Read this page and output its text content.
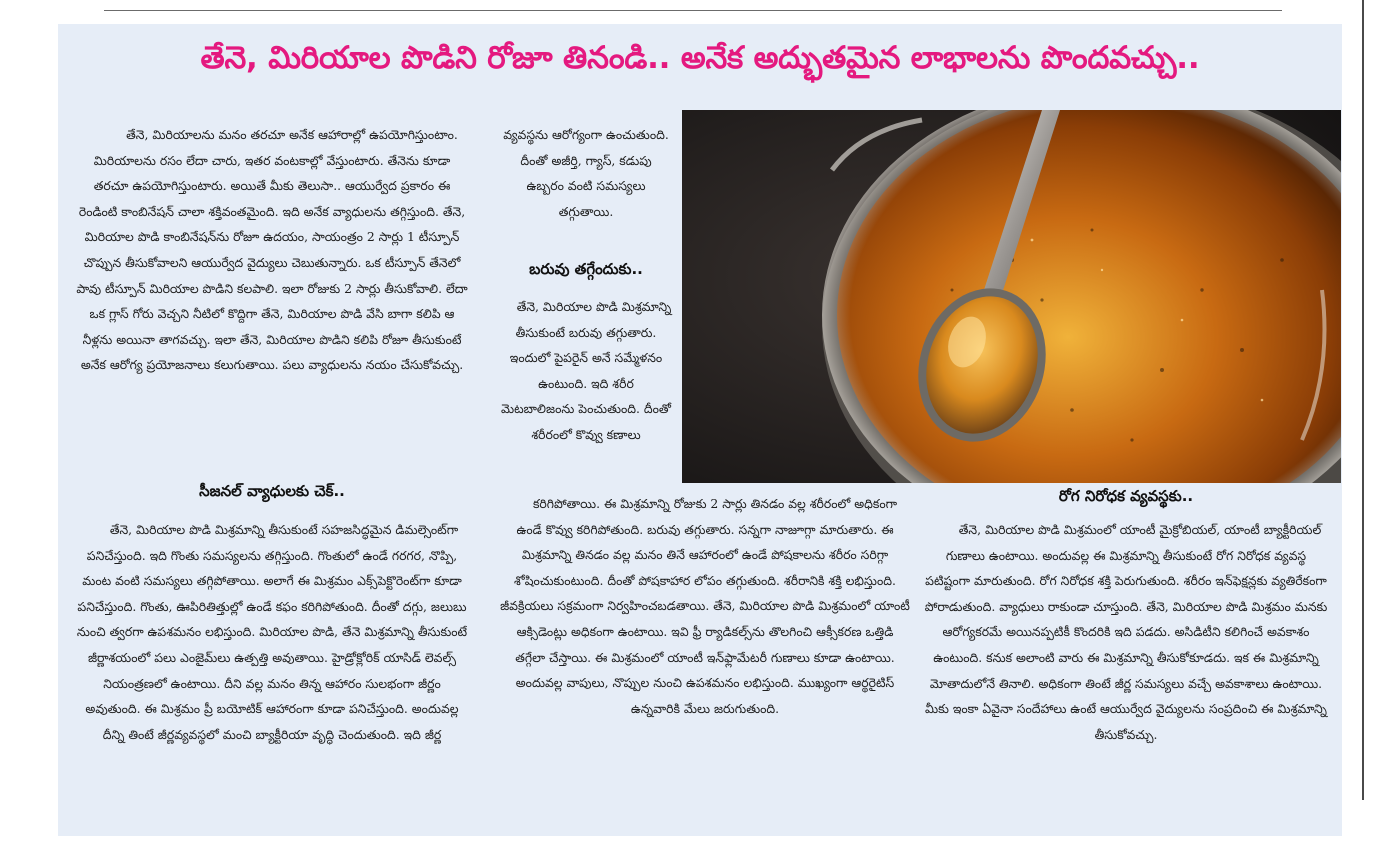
తేనె, మిరియాల పొడిని రోజూ తినండి.. అనేక అద్భుతమైన లాభాలను పొందవచ్చు..

తేనె, మిరియాలను మనం తరచూ అనేక ఆహారాల్లో ఉపయోగిస్తుంటాం. మిరియాలను రసం లేదా చారు, ఇతర వంటకాల్లో వేస్తుంటారు. తేనెను కూడా తరచూ ఉపయోగిస్తుంటారు. అయితే మీకు తెలుసా.. ఆయుర్వేద ప్రకారం ఈ రెండింటి కాంబినేషన్ చాలా శక్తివంతమైంది. ఇది అనేక వ్యాధులను తగ్గిస్తుంది. తేనె, మిరియాల పొడి కాంబినేషన్‌ను రోజూ ఉదయం, సాయంత్రం 2 సార్లు 1 టీస్పూన్ చొప్పున తీసుకోవాలని ఆయుర్వేద వైద్యులు చెబుతున్నారు. ఒక టీస్పూన్ తేనెలో పావు టీస్పూన్ మిరియాల పొడిని కలపాలి. ఇలా రోజుకు 2 సార్లు తీసుకోవాలి. లేదా ఒక గ్లాస్ గోరు వెచ్చని నీటిలో కొద్దిగా తేనె, మిరియాల పొడి వేసి బాగా కలిపి ఆ నీళ్లను అయినా తాగవచ్చు. ఇలా తేనె, మిరియాల పొడిని కలిపి రోజూ తీసుకుంటే అనేక ఆరోగ్య ప్రయోజనాలు కలుగుతాయి. పలు వ్యాధులను నయం చేసుకోవచ్చు.

సీజనల్ వ్యాధులకు చెక్..

తేనె, మిరియాల పొడి మిశ్రమాన్ని తీసుకుంటే సహజసిద్ధమైన డిమల్సెంట్‌గా పనిచేస్తుంది. ఇది గొంతు సమస్యలను తగ్గిస్తుంది. గొంతులో ఉండే గరగర, నొప్పి, మంట వంటి సమస్యలు తగ్గిపోతాయి. అలాగే ఈ మిశ్రమం ఎక్స్‌పెక్టొరెంట్‌గా కూడా పనిచేస్తుంది. గొంతు, ఊపిరితిత్తుల్లో ఉండే కఫం కరిగిపోతుంది. దీంతో దగ్గు, జలుబు నుంచి త్వరగా ఉపశమనం లభిస్తుంది. మిరియాల పొడి, తేనె మిశ్రమాన్ని తీసుకుంటే జీర్ణాశయంలో పలు ఎంజైమ్‌లు ఉత్పత్తి అవుతాయి. హైడ్రోక్లోరిక్ యాసిడ్ లెవల్స్ నియంత్రణలో ఉంటాయి. దీని వల్ల మనం తిన్న ఆహారం సులభంగా జీర్ణం అవుతుంది. ఈ మిశ్రమం ప్రీ బయోటిక్ ఆహారంగా కూడా పనిచేస్తుంది. అందువల్ల దీన్ని తింటే జీర్ణవ్యవస్థలో మంచి బ్యాక్టీరియా వృద్ధి చెందుతుంది. ఇది జీర్ణ

వ్యవస్థను ఆరోగ్యంగా ఉంచుతుంది. దీంతో అజీర్తి, గ్యాస్, కడుపు ఉబ్బరం వంటి సమస్యలు తగ్గుతాయి.

బరువు తగ్గేందుకు..

తేనె, మిరియాల పొడి మిశ్రమాన్ని తీసుకుంటే బరువు తగ్గుతారు. ఇందులో పైపరైన్ అనే సమ్మేళనం ఉంటుంది. ఇది శరీర మెటబాలిజంను పెంచుతుంది. దీంతో శరీరంలో కొవ్వు కణాలు

కరిగిపోతాయి. ఈ మిశ్రమాన్ని రోజుకు 2 సార్లు తినడం వల్ల శరీరంలో అధికంగా ఉండే కొవ్వు కరిగిపోతుంది. బరువు తగ్గుతారు. సన్నగా నాజూగ్గా మారుతారు. ఈ మిశ్రమాన్ని తినడం వల్ల మనం తినే ఆహారంలో ఉండే పోషకాలను శరీరం సరిగ్గా శోషించుకుంటుంది. దీంతో పోషకాహార లోపం తగ్గుతుంది. శరీరానికి శక్తి లభిస్తుంది. జీవక్రియలు సక్రమంగా నిర్వహించబడతాయి. తేనె, మిరియాల పొడి మిశ్రమంలో యాంటీ ఆక్సిడెంట్లు అధికంగా ఉంటాయి. ఇవి ఫ్రీ ర్యాడికల్స్‌ను తొలగించి ఆక్సీకరణ ఒత్తిడి తగ్గేలా చేస్తాయి. ఈ మిశ్రమంలో యాంటీ ఇన్‌ఫ్లామేటరీ గుణాలు కూడా ఉంటాయి. అందువల్ల వాపులు, నొప్పుల నుంచి ఉపశమనం లభిస్తుంది. ముఖ్యంగా ఆర్థరైటిస్ ఉన్నవారికి మేలు జరుగుతుంది.

రోగ నిరోధక వ్యవస్థకు..

తేనె, మిరియాల పొడి మిశ్రమంలో యాంటీ మైక్రోబియల్, యాంటీ బ్యాక్టీరియల్ గుణాలు ఉంటాయి. అందువల్ల ఈ మిశ్రమాన్ని తీసుకుంటే రోగ నిరోధక వ్యవస్థ పటిష్టంగా మారుతుంది. రోగ నిరోధక శక్తి పెరుగుతుంది. శరీరం ఇన్‌ఫెక్షన్లకు వ్యతిరేకంగా పోరాడుతుంది. వ్యాధులు రాకుండా చూస్తుంది. తేనె, మిరియాల పొడి మిశ్రమం మనకు ఆరోగ్యకరమే అయినప్పటికీ కొందరికి ఇది పడదు. అసిడిటీని కలిగించే అవకాశం ఉంటుంది. కనుక అలాంటి వారు ఈ మిశ్రమాన్ని తీసుకోకూడదు. ఇక ఈ మిశ్రమాన్ని మోతాదులోనే తినాలి. అధికంగా తింటే జీర్ణ సమస్యలు వచ్చే అవకాశాలు ఉంటాయి. మీకు ఇంకా ఏవైనా సందేహాలు ఉంటే ఆయుర్వేద వైద్యులను సంప్రదించి ఈ మిశ్రమాన్ని తీసుకోవచ్చు.
